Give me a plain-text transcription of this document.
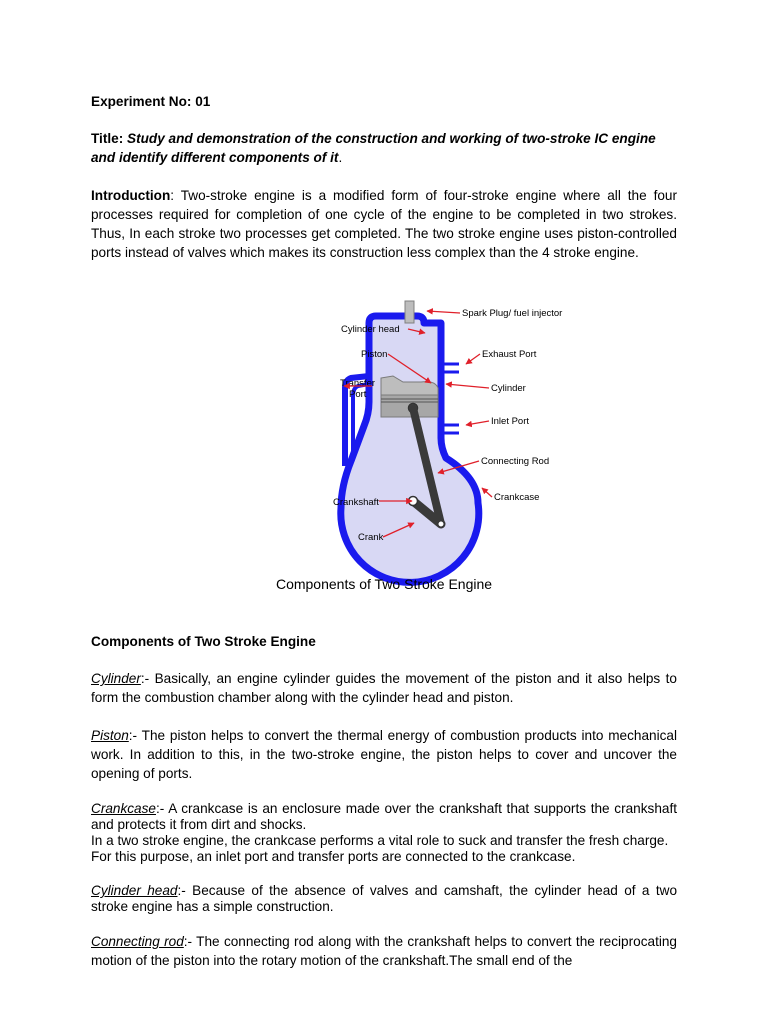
Experiment No: 01

Title: Study and demonstration of the construction and working of two-stroke IC engine and identify different components of it.

Introduction: Two-stroke engine is a modified form of four-stroke engine where all the four processes required for completion of one cycle of the engine to be completed in two strokes. Thus, In each stroke two processes get completed. The two stroke engine uses piston-controlled ports instead of valves which makes its construction less complex than the 4 stroke engine.

Spark Plug/ fuel injector
Cylinder head
Piston	Exhaust Port
Transfer
Port
Cylinder
Inlet Port
Connecting Rod
Crankshaft	Crankcase
Crank

Components of Two Stroke Engine

Components of Two Stroke Engine

Cylinder:- Basically, an engine cylinder guides the movement of the piston and it also helps to form the combustion chamber along with the cylinder head and piston.

Piston:- The piston helps to convert the thermal energy of combustion products into mechanical work. In addition to this, in the two-stroke engine, the piston helps to cover and uncover the opening of ports.

Crankcase:- A crankcase is an enclosure made over the crankshaft that supports the crankshaft and protects it from dirt and shocks.
In a two stroke engine, the crankcase performs a vital role to suck and transfer the fresh charge. For this purpose, an inlet port and transfer ports are connected to the crankcase.

Cylinder head:- Because of the absence of valves and camshaft, the cylinder head of a two stroke engine has a simple construction.

Connecting rod:- The connecting rod along with the crankshaft helps to convert the reciprocating motion of the piston into the rotary motion of the crankshaft.The small end of the
